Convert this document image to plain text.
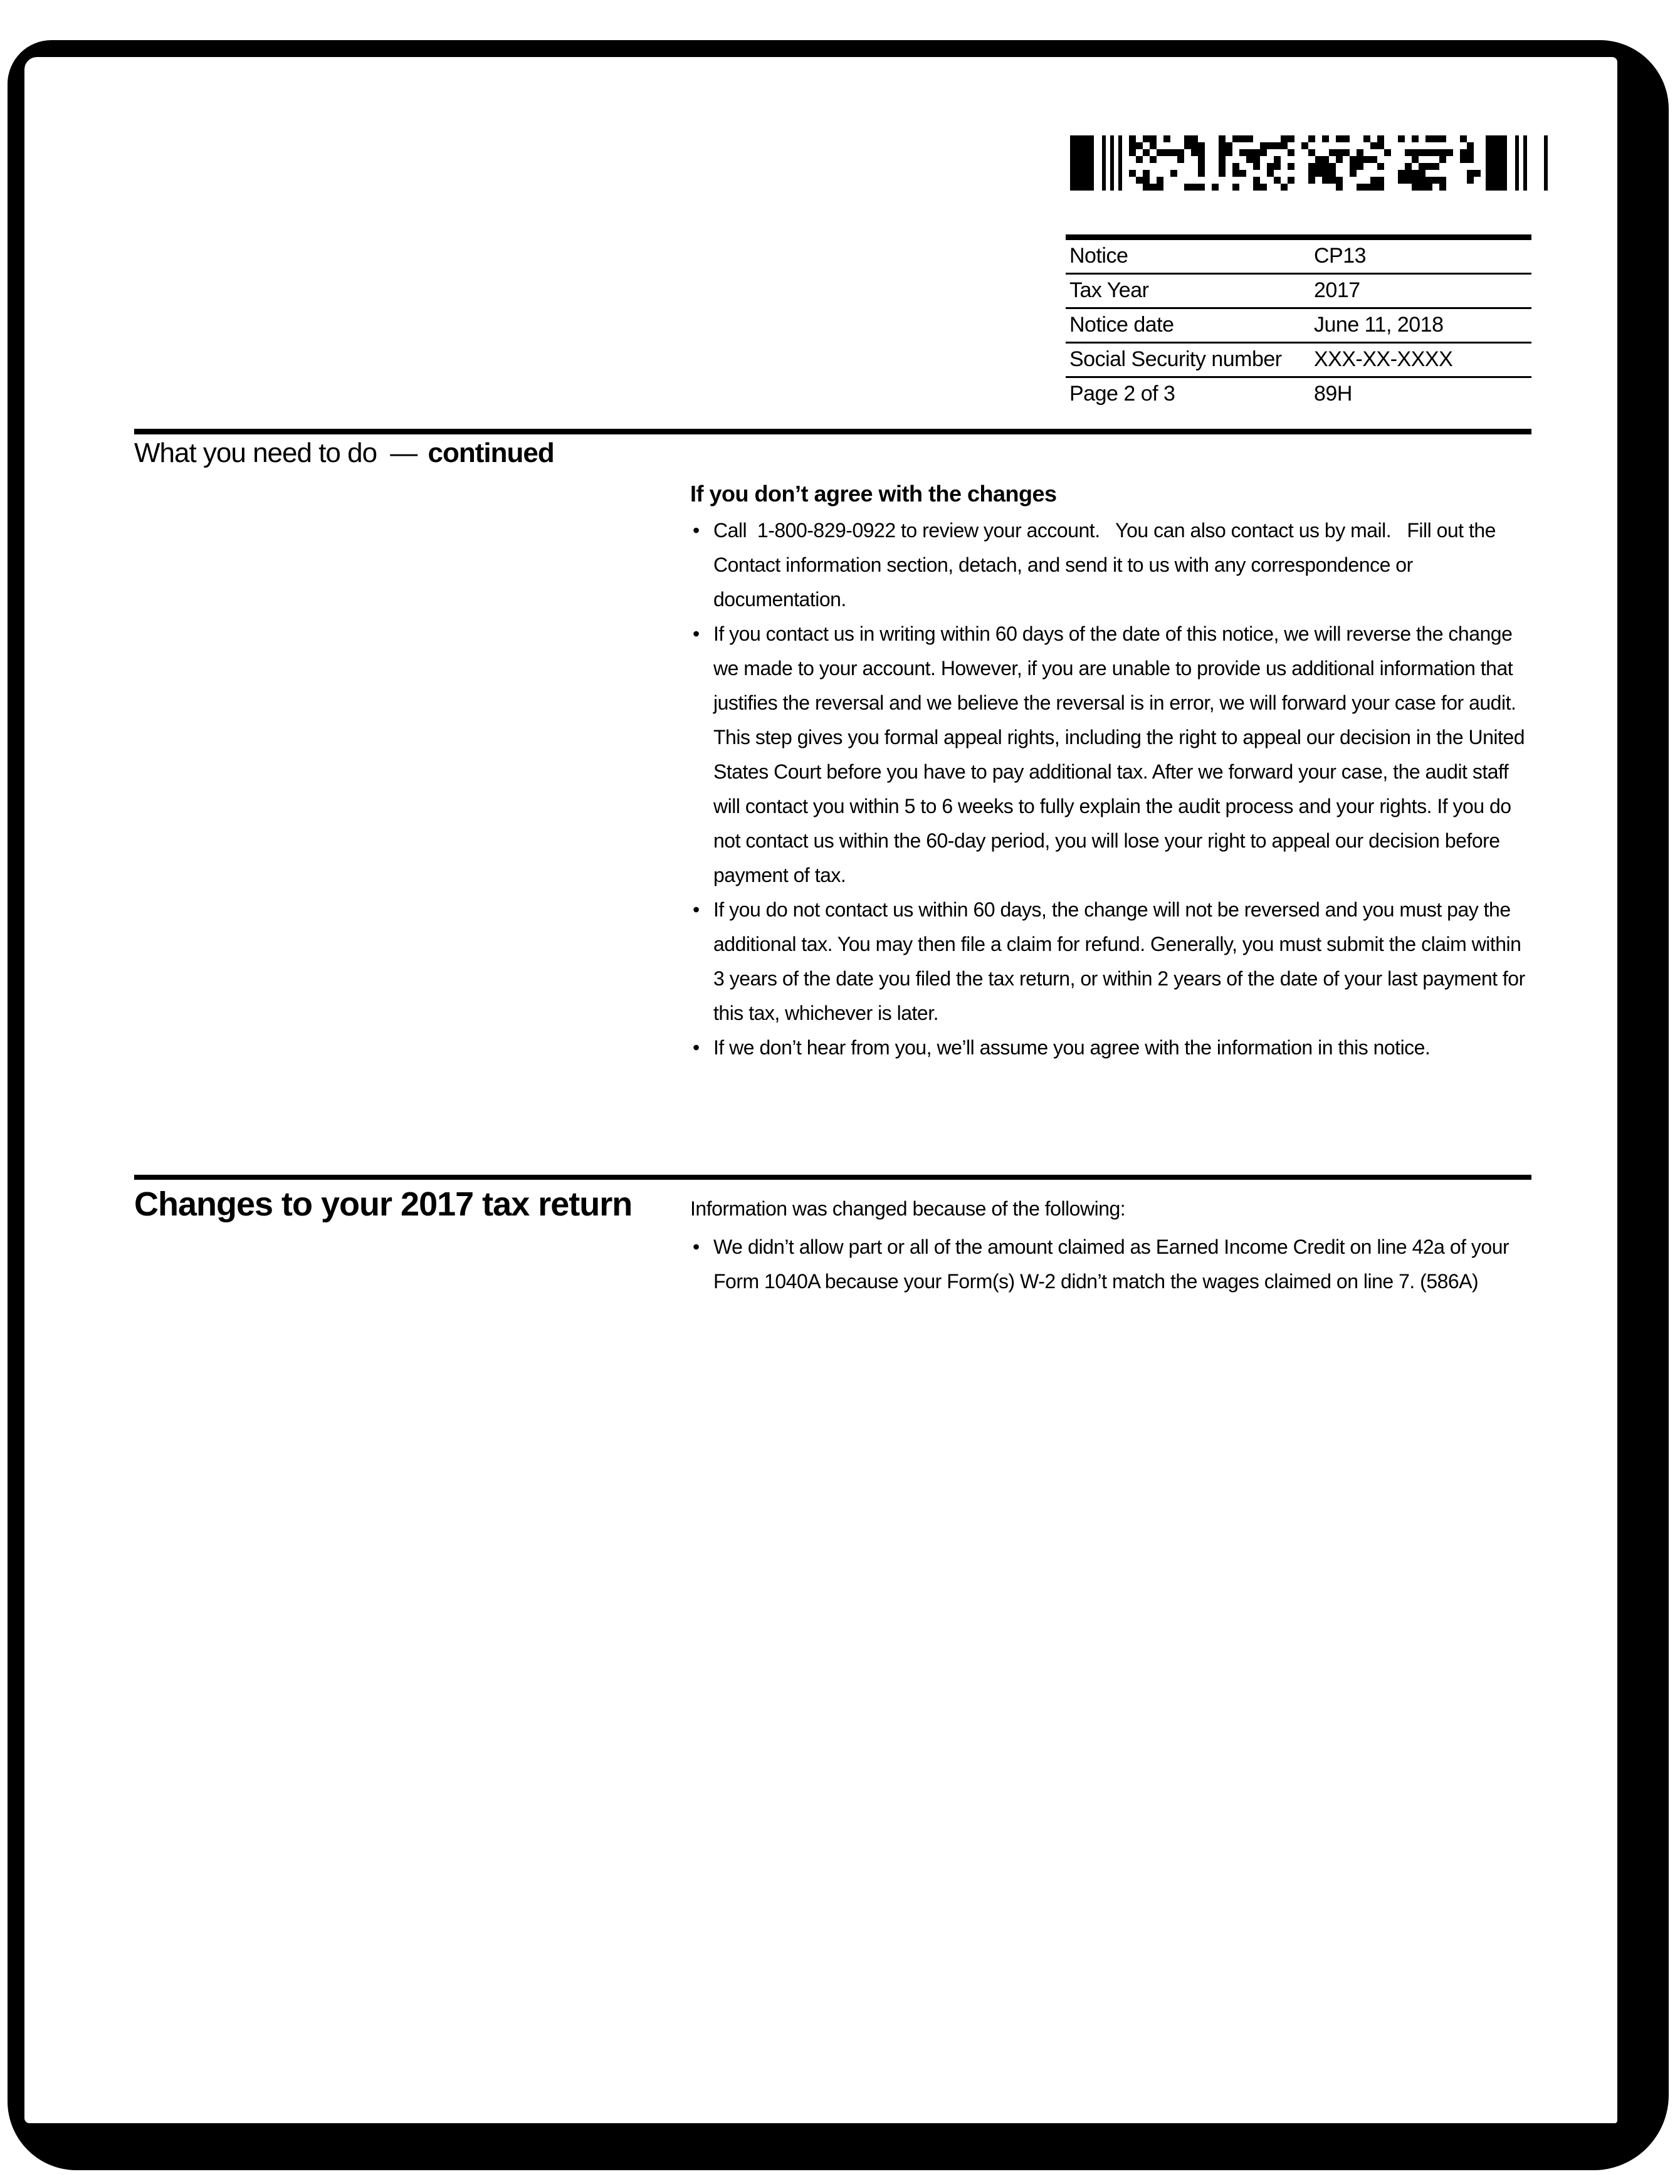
Notice	CP13
Tax Year	2017
Notice date	June 11, 2018
Social Security number	XXX-XX-XXXX
Page 2 of 3	89H
What you need to do — continued
If you don’t agree with the changes
• Call  1-800-829-0922 to review your account.   You can also contact us by mail.   Fill out the Contact information section, detach, and send it to us with any correspondence or documentation.
• If you contact us in writing within 60 days of the date of this notice, we will reverse the change we made to your account. However, if you are unable to provide us additional information that justifies the reversal and we believe the reversal is in error, we will forward your case for audit. This step gives you formal appeal rights, including the right to appeal our decision in the United States Court before you have to pay additional tax. After we forward your case, the audit staff will contact you within 5 to 6 weeks to fully explain the audit process and your rights. If you do not contact us within the 60-day period, you will lose your right to appeal our decision before payment of tax.
• If you do not contact us within 60 days, the change will not be reversed and you must pay the additional tax. You may then file a claim for refund. Generally, you must submit the claim within 3 years of the date you filed the tax return, or within 2 years of the date of your last payment for this tax, whichever is later.
• If we don’t hear from you, we’ll assume you agree with the information in this notice.
Changes to your 2017 tax return	Information was changed because of the following:
• We didn’t allow part or all of the amount claimed as Earned Income Credit on line 42a of your Form 1040A because your Form(s) W-2 didn’t match the wages claimed on line 7. (586A)
